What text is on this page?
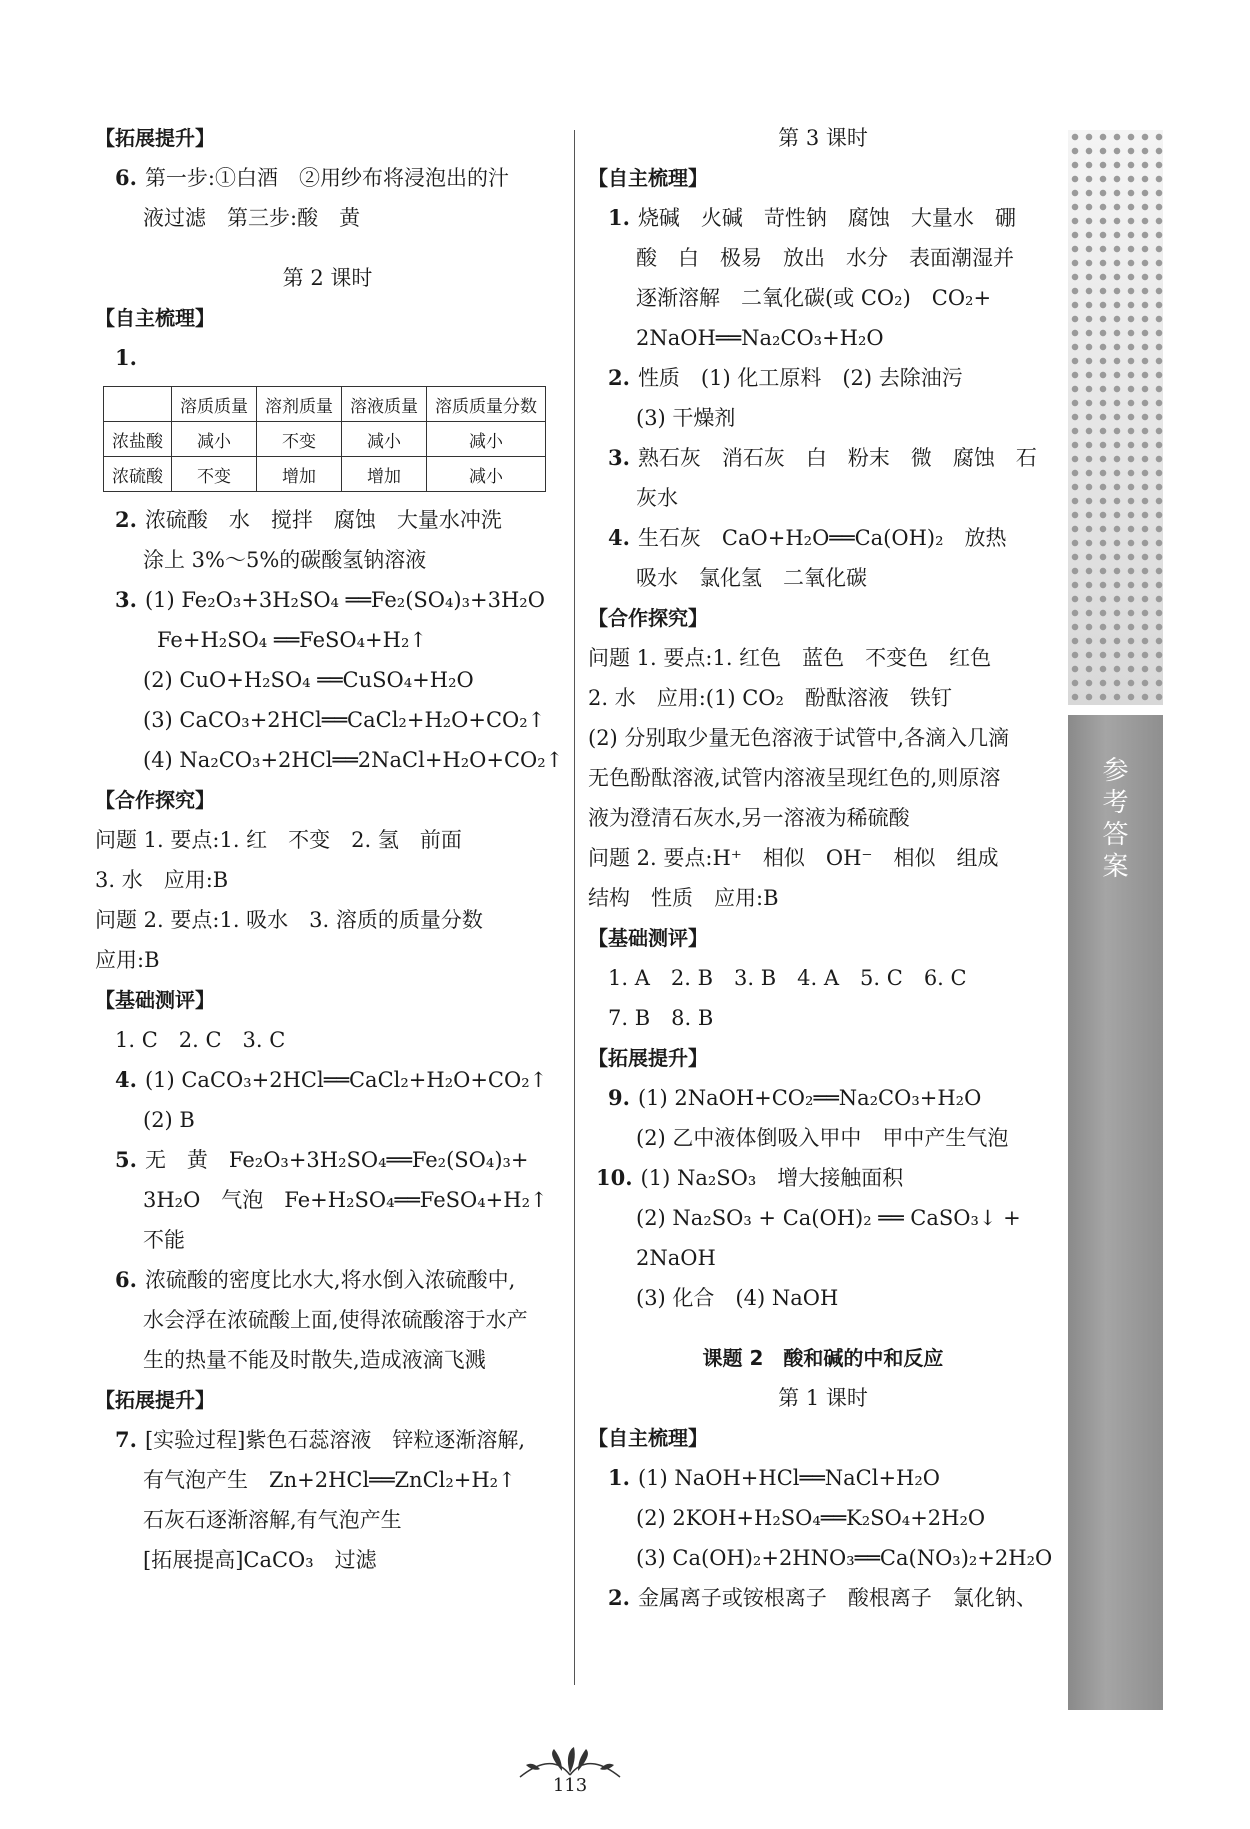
【拓展提升】
6. 第一步:①白酒　②用纱布将浸泡出的汁
液过滤　第三步:酸　黄
第 2 课时
【自主梳理】
1.
	溶质质量	溶剂质量	溶液质量	溶质质量分数
浓盐酸	减小	不变	减小	减小
浓硫酸	不变	增加	增加	减小
2. 浓硫酸　水　搅拌　腐蚀　大量水冲洗
涂上 3%～5%的碳酸氢钠溶液
3. (1) Fe₂O₃+3H₂SO₄ ══Fe₂(SO₄)₃+3H₂O
Fe+H₂SO₄ ══FeSO₄+H₂↑
(2) CuO+H₂SO₄ ══CuSO₄+H₂O
(3) CaCO₃+2HCl══CaCl₂+H₂O+CO₂↑
(4) Na₂CO₃+2HCl══2NaCl+H₂O+CO₂↑
【合作探究】
问题 1. 要点:1. 红　不变　2. 氢　前面
3. 水　应用:B
问题 2. 要点:1. 吸水　3. 溶质的质量分数
应用:B
【基础测评】
1. C　2. C　3. C
4. (1) CaCO₃+2HCl══CaCl₂+H₂O+CO₂↑
(2) B
5. 无　黄　Fe₂O₃+3H₂SO₄══Fe₂(SO₄)₃+
3H₂O　气泡　Fe+H₂SO₄══FeSO₄+H₂↑
不能
6. 浓硫酸的密度比水大,将水倒入浓硫酸中,
水会浮在浓硫酸上面,使得浓硫酸溶于水产
生的热量不能及时散失,造成液滴飞溅
【拓展提升】
7. [实验过程]紫色石蕊溶液　锌粒逐渐溶解,
有气泡产生　Zn+2HCl══ZnCl₂+H₂↑
石灰石逐渐溶解,有气泡产生
[拓展提高]CaCO₃　过滤
第 3 课时
【自主梳理】
1. 烧碱　火碱　苛性钠　腐蚀　大量水　硼
酸　白　极易　放出　水分　表面潮湿并
逐渐溶解　二氧化碳(或 CO₂)　CO₂+
2NaOH══Na₂CO₃+H₂O
2. 性质　(1) 化工原料　(2) 去除油污
(3) 干燥剂
3. 熟石灰　消石灰　白　粉末　微　腐蚀　石
灰水
4. 生石灰　CaO+H₂O══Ca(OH)₂　放热
吸水　氯化氢　二氧化碳
【合作探究】
问题 1. 要点:1. 红色　蓝色　不变色　红色
2. 水　应用:(1) CO₂　酚酞溶液　铁钉
(2) 分别取少量无色溶液于试管中,各滴入几滴
无色酚酞溶液,试管内溶液呈现红色的,则原溶
液为澄清石灰水,另一溶液为稀硫酸
问题 2. 要点:H⁺　相似　OH⁻　相似　组成
结构　性质　应用:B
【基础测评】
1. A　2. B　3. B　4. A　5. C　6. C
7. B　8. B
【拓展提升】
9. (1) 2NaOH+CO₂══Na₂CO₃+H₂O
(2) 乙中液体倒吸入甲中　甲中产生气泡
10. (1) Na₂SO₃　增大接触面积
(2) Na₂SO₃ + Ca(OH)₂ ══ CaSO₃↓ +
2NaOH
(3) 化合　(4) NaOH
课题 2　酸和碱的中和反应
第 1 课时
【自主梳理】
1. (1) NaOH+HCl══NaCl+H₂O
(2) 2KOH+H₂SO₄══K₂SO₄+2H₂O
(3) Ca(OH)₂+2HNO₃══Ca(NO₃)₂+2H₂O
2. 金属离子或铵根离子　酸根离子　氯化钠、
参考答案
113
